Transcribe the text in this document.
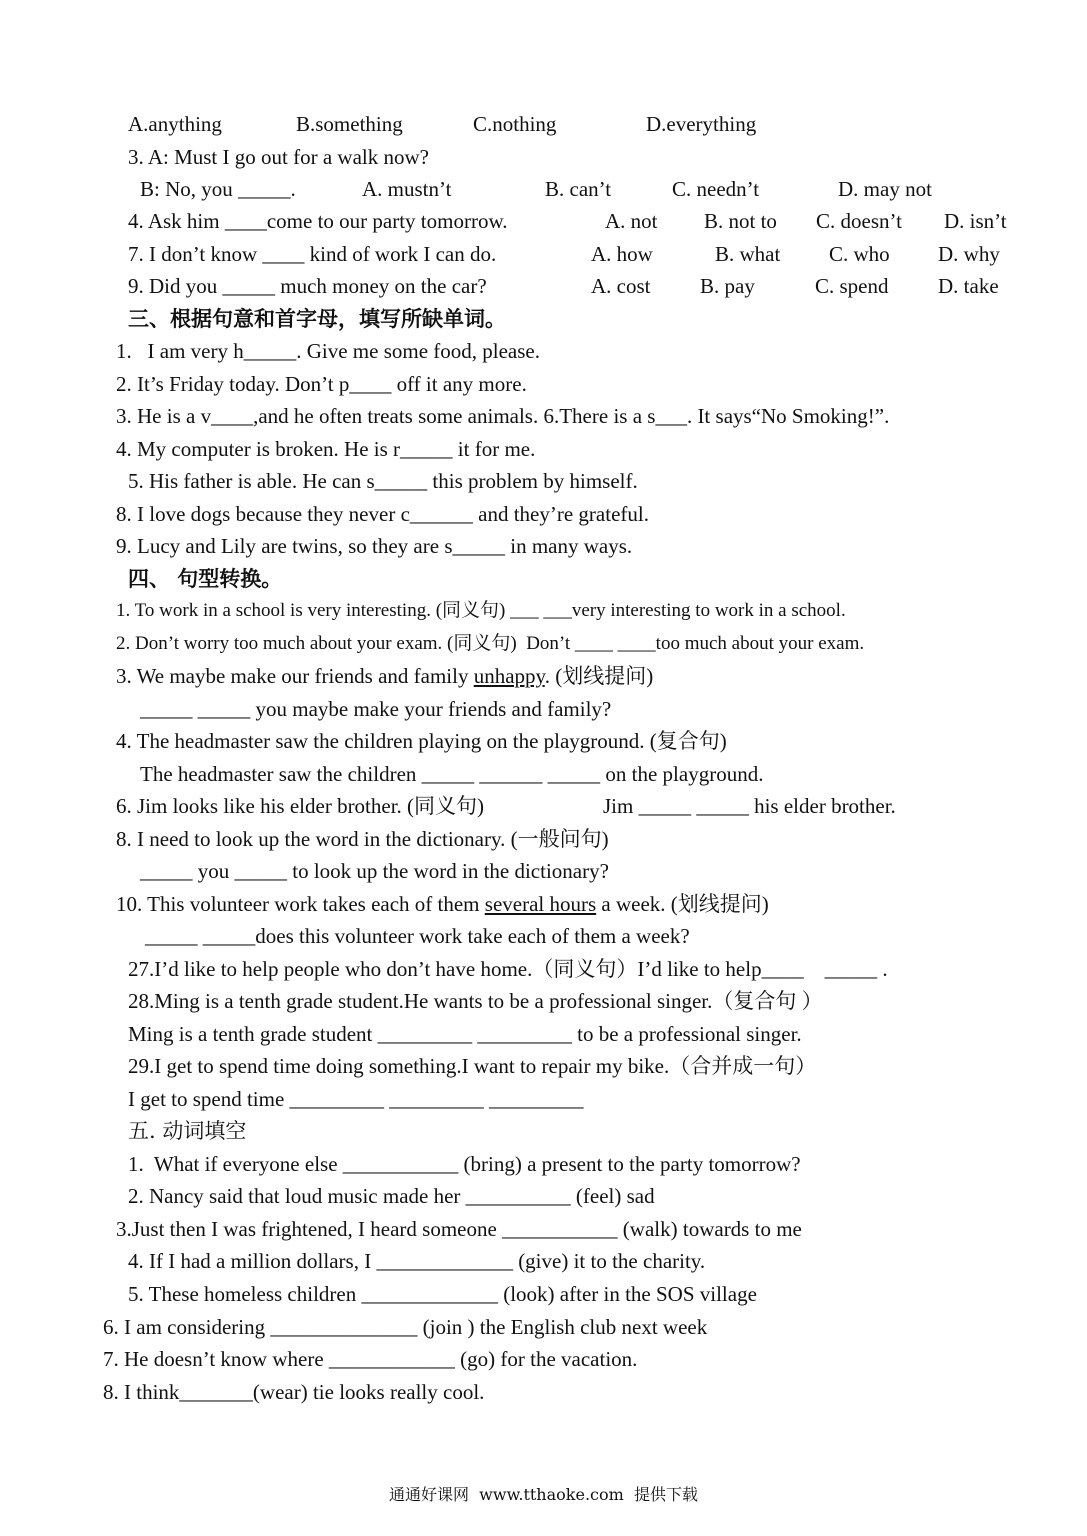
A.anything	B.something	C.nothing	D.everything
3. A: Must I go out for a walk now?
B: No, you _____.	A. mustn’t	B. can’t	C. needn’t	D. may not
4. Ask him ____come to our party tomorrow.	A. not B. not to C. doesn’t D. isn’t
7. I don’t know ____ kind of work I can do.	A. how	B. what C. who D. why
9. Did you _____ much money on the car?	A. cost B. pay	C. spend D. take
三、根据句意和首字母，填写所缺单词。
1.   I am very h_____. Give me some food, please.
2. It’s Friday today. Don’t p____ off it any more.
3. He is a v____,and he often treats some animals. 6.There is a s___. It says“No Smoking!”.
4. My computer is broken. He is r_____ it for me.
5. His father is able. He can s_____ this problem by himself.
8. I love dogs because they never c______ and they’re grateful.
9. Lucy and Lily are twins, so they are s_____ in many ways.
四、 句型转换。
1. To work in a school is very interesting. (同义句) ___ ___very interesting to work in a school.
2. Don’t worry too much about your exam. (同义句)  Don’t ____ ____too much about your exam.
3. We maybe make our friends and family unhappy. (划线提问)
_____ _____ you maybe make your friends and family?
4. The headmaster saw the children playing on the playground. (复合句)
The headmaster saw the children _____ ______ _____ on the playground.
6. Jim looks like his elder brother. (同义句)	Jim _____ _____ his elder brother.
8. I need to look up the word in the dictionary. (一般问句)
_____ you _____ to look up the word in the dictionary?
10. This volunteer work takes each of them several hours a week. (划线提问)
_____ _____does this volunteer work take each of them a week?
27.I’d like to help people who don’t have home.（同义句）I’d like to help____    _____ .
28.Ming is a tenth grade student.He wants to be a professional singer.（复合句 ）
Ming is a tenth grade student _________ _________ to be a professional singer.
29.I get to spend time doing something.I want to repair my bike.（合并成一句）
I get to spend time _________ _________ _________
五. 动词填空
1.  What if everyone else ___________ (bring) a present to the party tomorrow?
2. Nancy said that loud music made her __________ (feel) sad
3.Just then I was frightened, I heard someone ___________ (walk) towards to me
4. If I had a million dollars, I _____________ (give) it to the charity.
5. These homeless children _____________ (look) after in the SOS village
6. I am considering ______________ (join ) the English club next week
7. He doesn’t know where ____________ (go) for the vacation.
8. I think_______(wear) tie looks really cool.
通通好课网  www.tthaoke.com  提供下载
